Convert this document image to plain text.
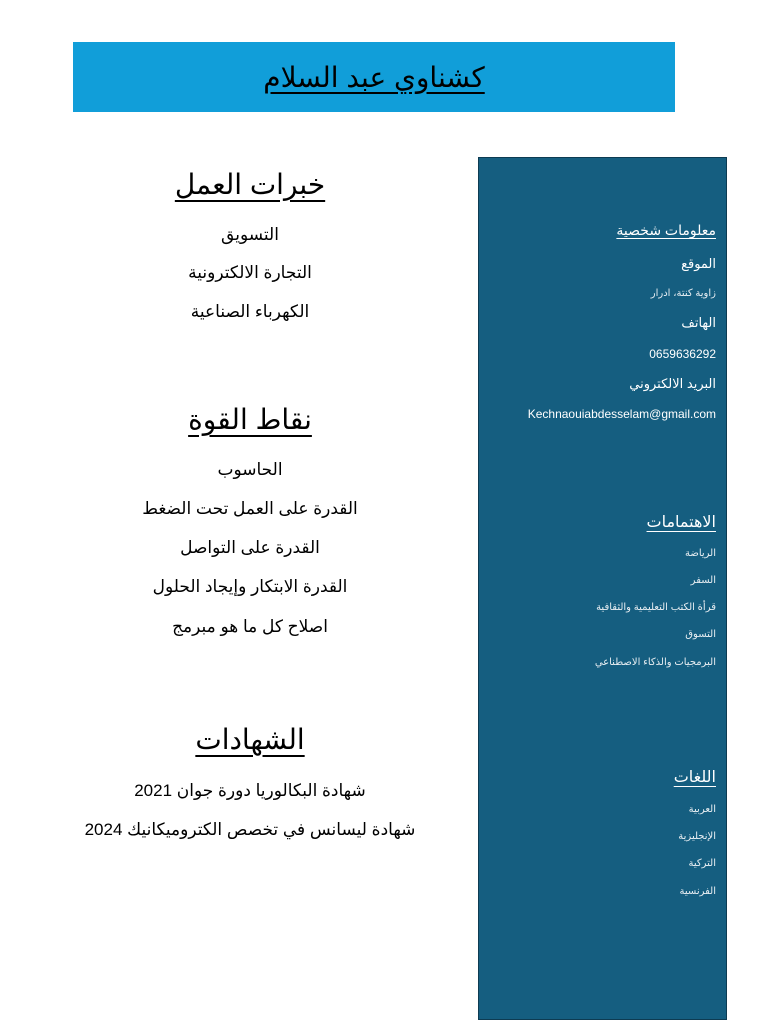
كشناوي عبد السلام
معلومات شخصية
الموقع
زاوية كنتة، ادرار
الهاتف
0659636292
البريد الالكتروني
Kechnaouiabdesselam@gmail.com
الاهتمامات
الرياضة
السفر
قرأة الكتب التعليمية والثقافية
التسوق
البرمجيات والذكاء الاصطناعي
اللغات
العربية
الإنجليزية
التركية
الفرنسية
خبرات العمل
التسويق
التجارة الالكترونية
الكهرباء الصناعية
نقاط القوة
الحاسوب
القدرة على العمل تحت الضغط
القدرة على التواصل
القدرة الابتكار وإيجاد الحلول
اصلاح كل ما هو مبرمج
الشهادات
شهادة البكالوريا دورة جوان 2021
شهادة ليسانس في تخصص الكتروميكانيك 2024
